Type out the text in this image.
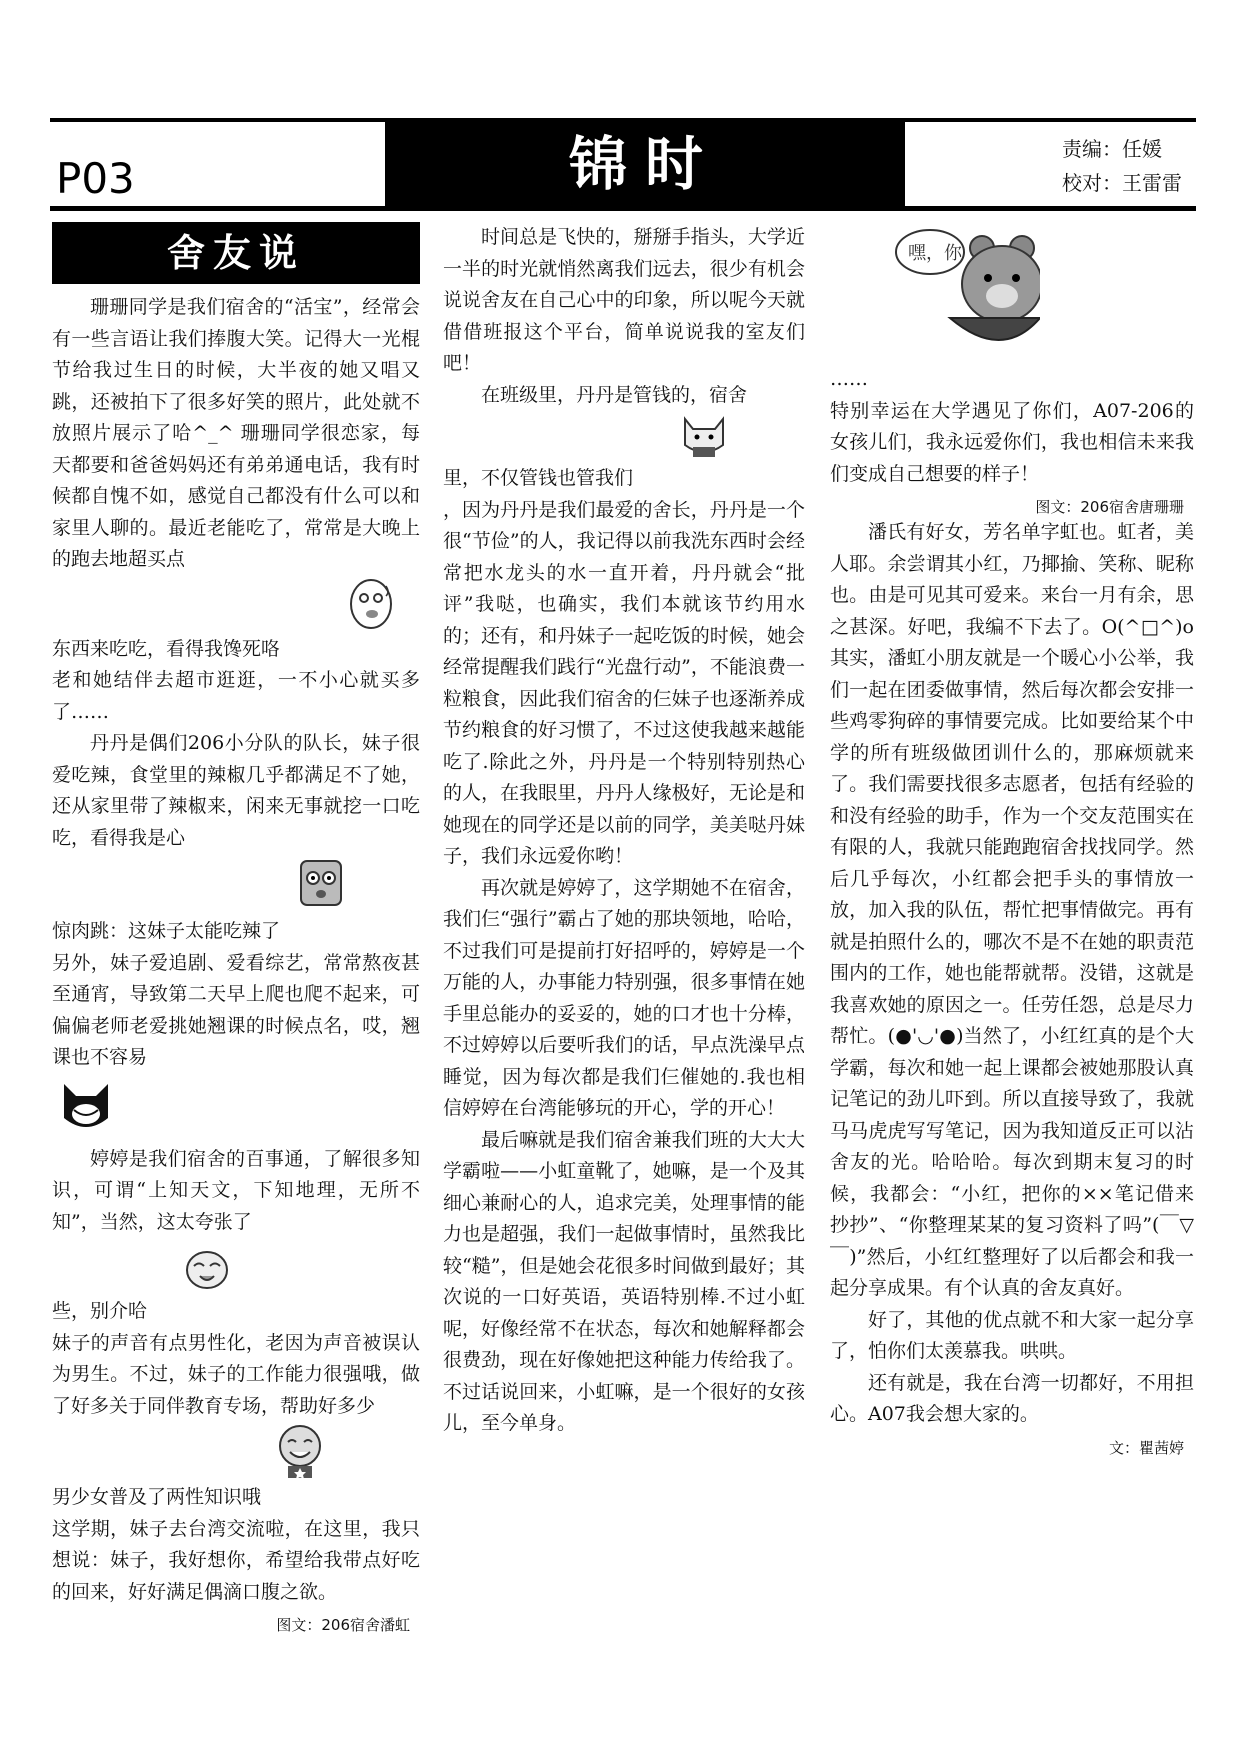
P03	锦时	责编：任媛
校对：王雷雷
舍友说

珊珊同学是我们宿舍的“活宝”，经常会有一些言语让我们捧腹大笑。记得大一光棍节给我过生日的时候，大半夜的她又唱又跳，还被拍下了很多好笑的照片，此处就不放照片展示了哈^_^ 珊珊同学很恋家，每天都要和爸爸妈妈还有弟弟通电话，我有时候都自愧不如，感觉自己都没有什么可以和家里人聊的。最近老能吃了，常常是大晚上的跑去地超买点

东西来吃吃，看得我馋死咯

老和她结伴去超市逛逛，一不小心就买多了……

丹丹是偶们206小分队的队长，妹子很爱吃辣，食堂里的辣椒几乎都满足不了她，还从家里带了辣椒来，闲来无事就挖一口吃吃，看得我是心

惊肉跳：这妹子太能吃辣了

另外，妹子爱追剧、爱看综艺，常常熬夜甚至通宵，导致第二天早上爬也爬不起来，可偏偏老师老爱挑她翘课的时候点名，哎，翘课也不容易

婷婷是我们宿舍的百事通，了解很多知识，可谓“上知天文，下知地理，无所不知”，当然，这太夸张了

些，别介哈

妹子的声音有点男性化，老因为声音被误认为男生。不过，妹子的工作能力很强哦，做了好多关于同伴教育专场，帮助好多少

男少女普及了两性知识哦

这学期，妹子去台湾交流啦，在这里，我只想说：妹子，我好想你，希望给我带点好吃的回来，好好满足偶滴口腹之欲。

图文：206宿舍潘虹

时间总是飞快的，掰掰手指头，大学近一半的时光就悄然离我们远去，很少有机会说说舍友在自己心中的印象，所以呢今天就借借班报这个平台，简单说说我的室友们吧！

在班级里，丹丹是管钱的，宿舍

里，不仅管钱也管我们

，因为丹丹是我们最爱的舍长，丹丹是一个很“节俭”的人，我记得以前我洗东西时会经常把水龙头的水一直开着，丹丹就会“批评”我哒，也确实，我们本就该节约用水的；还有，和丹妹子一起吃饭的时候，她会经常提醒我们践行“光盘行动”，不能浪费一粒粮食，因此我们宿舍的仨妹子也逐渐养成节约粮食的好习惯了，不过这使我越来越能吃了.除此之外，丹丹是一个特别特别热心的人，在我眼里，丹丹人缘极好，无论是和她现在的同学还是以前的同学，美美哒丹妹子，我们永远爱你哟！

再次就是婷婷了，这学期她不在宿舍，我们仨“强行”霸占了她的那块领地，哈哈，不过我们可是提前打好招呼的，婷婷是一个万能的人，办事能力特别强，很多事情在她手里总能办的妥妥的，她的口才也十分棒，不过婷婷以后要听我们的话，早点洗澡早点睡觉，因为每次都是我们仨催她的.我也相信婷婷在台湾能够玩的开心，学的开心！

最后嘛就是我们宿舍兼我们班的大大大学霸啦——小虹童靴了，她嘛，是一个及其细心兼耐心的人，追求完美，处理事情的能力也是超强，我们一起做事情时，虽然我比较“糙”，但是她会花很多时间做到最好；其次说的一口好英语，英语特别棒.不过小虹呢，好像经常不在状态，每次和她解释都会很费劲，现在好像她把这种能力传给我了。不过话说回来，小虹嘛，是一个很好的女孩儿，至今单身。

嘿，你

……

特别幸运在大学遇见了你们，A07-206的女孩儿们，我永远爱你们，我也相信未来我们变成自己想要的样子！

图文：206宿舍唐珊珊

潘氏有好女，芳名单字虹也。虹者，美人耶。余尝谓其小红，乃揶揄、笑称、昵称也。由是可见其可爱来。来台一月有余，思之甚深。好吧，我编不下去了。O(^□^)o其实，潘虹小朋友就是一个暖心小公举，我们一起在团委做事情，然后每次都会安排一些鸡零狗碎的事情要完成。比如要给某个中学的所有班级做团训什么的，那麻烦就来了。我们需要找很多志愿者，包括有经验的和没有经验的助手，作为一个交友范围实在有限的人，我就只能跑跑宿舍找找同学。然后几乎每次，小红都会把手头的事情放一放，加入我的队伍，帮忙把事情做完。再有就是拍照什么的，哪次不是不在她的职责范围内的工作，她也能帮就帮。没错，这就是我喜欢她的原因之一。任劳任怨，总是尽力帮忙。(●'◡'●)当然了，小红红真的是个大学霸，每次和她一起上课都会被她那股认真记笔记的劲儿吓到。所以直接导致了，我就马马虎虎写写笔记，因为我知道反正可以沾舍友的光。哈哈哈。每次到期末复习的时候，我都会：“小红，把你的××笔记借来抄抄”、“你整理某某的复习资料了吗”(￣▽￣)”然后，小红红整理好了以后都会和我一起分享成果。有个认真的舍友真好。

好了，其他的优点就不和大家一起分享了，怕你们太羡慕我。哄哄。

还有就是，我在台湾一切都好，不用担心。A07我会想大家的。

文：瞿茜婷
